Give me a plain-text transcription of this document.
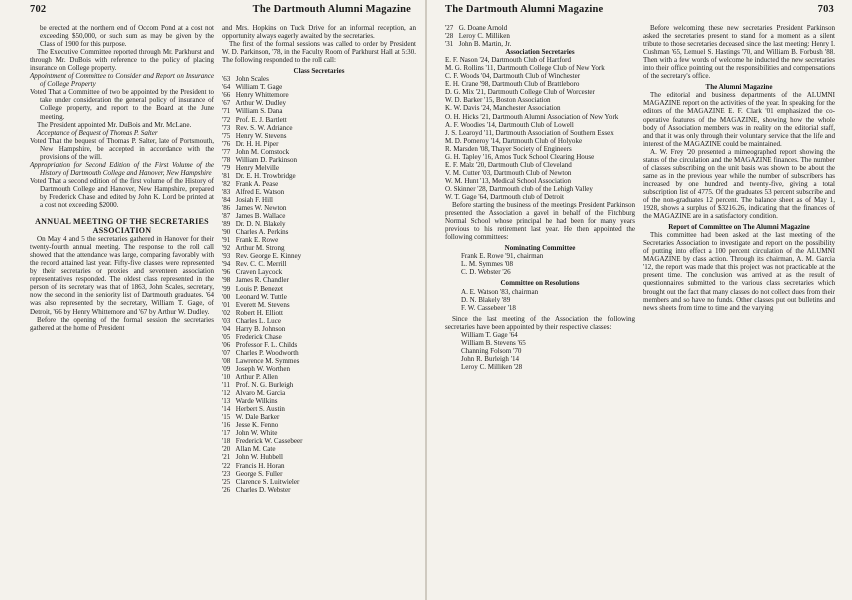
702	The Dartmouth Alumni Magazine

be erected at the northern end of Occom Pond at a cost not exceeding $50,000, or such sum as may be given by the Class of 1900 for this purpose.

The Executive Committee reported through Mr. Parkhurst and through Mr. DuBois with reference to the policy of placing insurance on College property.

Appointment of Committee to Consider and Report on Insurance of College Property

Voted That a Committee of two be appointed by the President to take under consideration the general policy of insurance of College property, and report to the Board at the June meeting.

The President appointed Mr. DuBois and Mr. McLane.

Acceptance of Bequest of Thomas P. Salter

Voted That the bequest of Thomas P. Salter, late of Portsmouth, New Hampshire, be accepted in accordance with the provisions of the will.

Appropriation for Second Edition of the First Volume of the History of Dartmouth College and Hanover, New Hampshire

Voted That a second edition of the first volume of the History of Dartmouth College and Hanover, New Hampshire, prepared by Frederick Chase and edited by John K. Lord be printed at a cost not exceeding $2000.

ANNUAL MEETING OF THE SECRETARIES ASSOCIATION

On May 4 and 5 the secretaries gathered in Hanover for their twenty-fourth annual meeting. The response to the roll call showed that the attendance was large, comparing favorably with the record attained last year. Fifty-five classes were represented by their secretaries or proxies and seventeen association representatives responded. The oldest class represented in the person of its secretary was that of 1863, John Scales, secretary, now the second in the seniority list of Dartmouth graduates. '64 was also represented by the secretary, William T. Gage, of Detroit, '66 by Henry Whittemore and '67 by Arthur W. Dudley.

Before the opening of the formal session the secretaries gathered at the home of President

and Mrs. Hopkins on Tuck Drive for an informal reception, an opportunity always eagerly awaited by the secretaries.

The first of the formal sessions was called to order by President W. D. Parkinson, '78, in the Faculty Room of Parkhurst Hall at 5:30. The following responded to the roll call:

Class Secretaries

'63 John Scales

'64 William T. Gage

'66 Henry Whittemore

'67 Arthur W. Dudley

'71 William S. Dana

'72 Prof. E. J. Bartlett

'73 Rev. S. W. Adriance

'75 Henry W. Stevens

'76 Dr. H. H. Piper

'77 John M. Comstock

'78 William D. Parkinson

'79 Henry Melville

'81 Dr. E. H. Trowbridge

'82 Frank A. Pease

'83 Alfred E. Watson

'84 Josiah F. Hill

'86 James W. Newton

'87 James B. Wallace

'89 Dr. D. N. Blakely

'90 Charles A. Perkins

'91 Frank E. Rowe

'92 Arthur M. Strong

'93 Rev. George E. Kinney

'94 Rev. C. C. Merrill

'96 Craven Laycock

'98 James R. Chandler

'99 Louis P. Benezet

'00 Leonard W. Tuttle

'01 Everett M. Stevens

'02 Robert H. Elliott

'03 Charles L. Luce

'04 Harry B. Johnson

'05 Frederick Chase

'06 Professor F. L. Childs

'07 Charles P. Woodworth

'08 Lawrence M. Symmes

'09 Joseph W. Worthen

'10 Arthur P. Allen

'11 Prof. N. G. Burleigh

'12 Alvaro M. Garcia

'13 Warde Wilkins

'14 Herbert S. Austin

'15 W. Dale Barker

'16 Jesse K. Fenno

'17 John W. White

'18 Frederick W. Cassebeer

'20 Allan M. Cate

'21 John W. Hubbell

'22 Francis H. Horan

'23 George S. Fuller

'25 Clarence S. Luitwieler

'26 Charles D. Webster

The Dartmouth Alumni Magazine	703

'27 G. Doane Arnold

'28 Leroy C. Milliken

'31 John B. Martin, Jr.

Association Secretaries

E. F. Nason '24, Dartmouth Club of Hartford

M. G. Rollins '11, Dartmouth College Club of New York

C. F. Woods '04, Dartmouth Club of Winchester

E. H. Crane '98, Dartmouth Club of Brattleboro

D. G. Mix '21, Dartmouth College Club of Worcester

W. D. Barker '15, Boston Association

K. W. Davis '24, Manchester Association

O. H. Hicks '21, Dartmouth Alumni Association of New York

A. F. Woodies '14, Dartmouth Club of Lowell

J. S. Learoyd '11, Dartmouth Association of Southern Essex

M. D. Pomeroy '14, Dartmouth Club of Holyoke

R. Marsden '08, Thayer Society of Engineers

G. H. Tapley '16, Amos Tuck School Clearing House

E. F. Malz '20, Dartmouth Club of Cleveland

V. M. Cutter '03, Dartmouth Club of Newton

W. M. Hunt '13, Medical School Association

O. Skinner '28, Dartmouth club of the Lehigh Valley

W. T. Gage '64, Dartmouth club of Detroit

Before starting the business of the meetings President Parkinson presented the Association a gavel in behalf of the Fitchburg Normal School whose principal he had been for many years previous to his retirement last year. He then appointed the following committees:

Nominating Committee

Frank E. Rowe '91, chairman

L. M. Symmes '08

C. D. Webster '26

Committee on Resolutions

A. E. Watson '83, chairman

D. N. Blakely '89

F. W. Cassebeer '18

Since the last meeting of the Association the following secretaries have been appointed by their respective classes:

William T. Gage '64

William B. Stevens '65

Channing Folsom '70

John R. Burleigh '14

Leroy C. Milliken '28

Before welcoming these new secretaries President Parkinson asked the secretaries present to stand for a moment as a silent tribute to those secretaries deceased since the last meeting: Henry I. Cushman '65, Lemuel S. Hastings '70, and William B. Forbush '88. Then with a few words of welcome he inducted the new secretaries into their office pointing out the responsibilities and compensations of the secretary's office.

The Alumni Magazine

The editorial and business departments of the ALUMNI MAGAZINE report on the activities of the year. In speaking for the editors of the MAGAZINE E. F. Clark '01 emphasized the co-operative features of the MAGAZINE, showing how the whole body of Association members was in reality on the editorial staff, and that it was only through their voluntary service that the life and interest of the MAGAZINE could be maintained.

A. W. Frey '20 presented a mimeographed report showing the status of the circulation and the MAGAZINE finances. The number of classes subscribing on the unit basis was shown to be about the same as in the previous year while the number of subscribers has increased by one hundred and twenty-five, giving a total subscription list of 4775. Of the graduates 53 percent subscribe and of the non-graduates 12 percent. The balance sheet as of May 1, 1928, shows a surplus of $3216.26, indicating that the finances of the MAGAZINE are in a satisfactory condition.

Report of Committee on The Alumni Magazine

This committee had been asked at the last meeting of the Secretaries Association to investigate and report on the possibility of putting into effect a 100 percent circulation of the ALUMNI MAGAZINE by class action. Through its chairman, A. M. Garcia '12, the report was made that this project was not practicable at the present time. The conclusion was arrived at as the result of questionnaires submitted to the various class secretaries which brought out the fact that many classes do not collect dues from their members and so have no funds. Other classes put out bulletins and news sheets from time to time and the varying
